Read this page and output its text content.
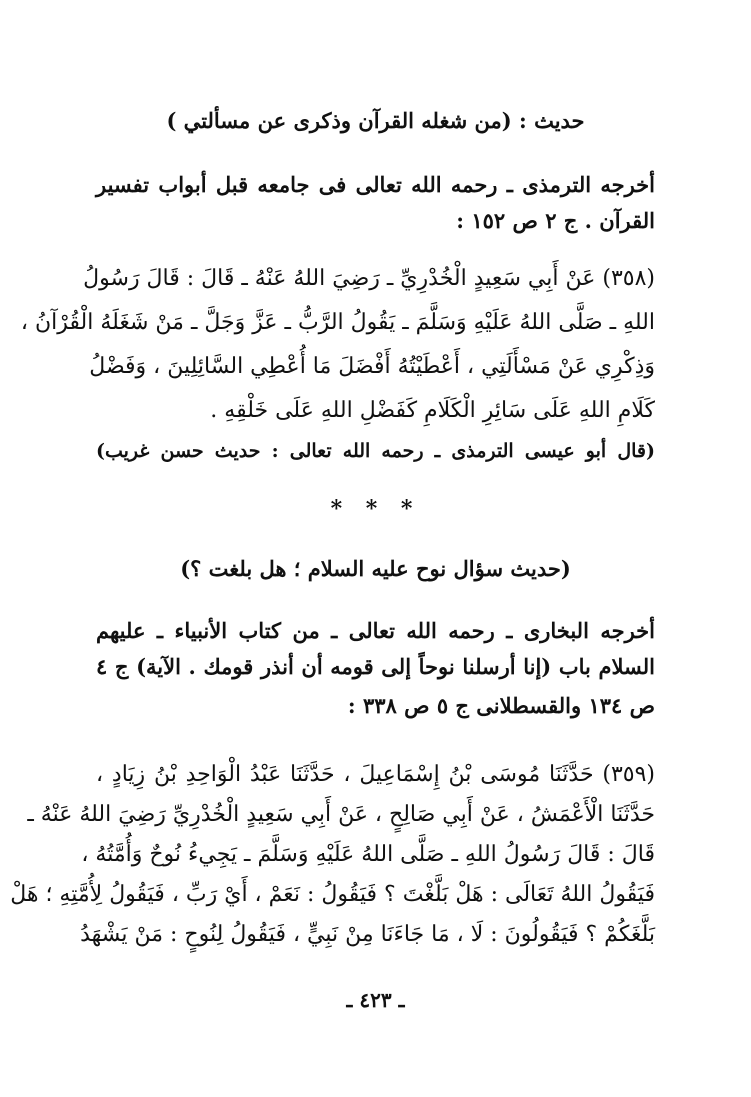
حديث : (من شغله القرآن وذكرى عن مسألتي )
أخرجه الترمذى ـ رحمه الله تعالى فى جامعه قبل أبواب تفسير
القرآن . ج ٢ ص ١٥٢ :
(٣٥٨) عَنْ أَبِي سَعِيدٍ الْخُدْرِيِّ ـ رَضِيَ اللهُ عَنْهُ ـ قَالَ : قَالَ رَسُولُ
اللهِ ـ صَلَّى اللهُ عَلَيْهِ وَسَلَّمَ ـ يَقُولُ الرَّبُّ ـ عَزَّ وَجَلَّ ـ مَنْ شَغَلَهُ الْقُرْآنُ ،
وَذِكْرِي عَنْ مَسْأَلَتِي ، أَعْطَيْتُهُ أَفْضَلَ مَا أُعْطِي السَّائِلِينَ ، وَفَضْلُ
كَلَامِ اللهِ عَلَى سَائِرِ الْكَلَامِ كَفَضْلِ اللهِ عَلَى خَلْقِهِ .
(قال أبو عيسى الترمذى ـ رحمه الله تعالى : حديث حسن غريب)
* * *
(حديث سؤال نوح عليه السلام ؛ هل بلغت ؟)
أخرجه البخارى ـ رحمه الله تعالى ـ من كتاب الأنبياء ـ عليهم
السلام باب (إنا أرسلنا نوحاً إلى قومه أن أنذر قومك . الآية) ج ٤
ص ١٣٤ والقسطلانى ج ٥ ص ٣٣٨ :
(٣٥٩) حَدَّثَنَا مُوسَى بْنُ إِسْمَاعِيلَ ، حَدَّثَنَا عَبْدُ الْوَاحِدِ بْنُ زِيَادٍ ،
حَدَّثَنَا الْأَعْمَشُ ، عَنْ أَبِي صَالِحٍ ، عَنْ أَبِي سَعِيدٍ الْخُدْرِيِّ رَضِيَ اللهُ عَنْهُ ـ
قَالَ : قَالَ رَسُولُ اللهِ ـ صَلَّى اللهُ عَلَيْهِ وَسَلَّمَ ـ يَجِيءُ نُوحٌ وَأُمَّتُهُ ،
فَيَقُولُ اللهُ تَعَالَى : هَلْ بَلَّغْتَ ؟ فَيَقُولُ : نَعَمْ ، أَيْ رَبِّ ، فَيَقُولُ لِأُمَّتِهِ ؛ هَلْ
بَلَّغَكُمْ ؟ فَيَقُولُونَ : لَا ، مَا جَاءَنَا مِنْ نَبِيٍّ ، فَيَقُولُ لِنُوحٍ : مَنْ يَشْهَدُ
ـ ٤٢٣ ـ
